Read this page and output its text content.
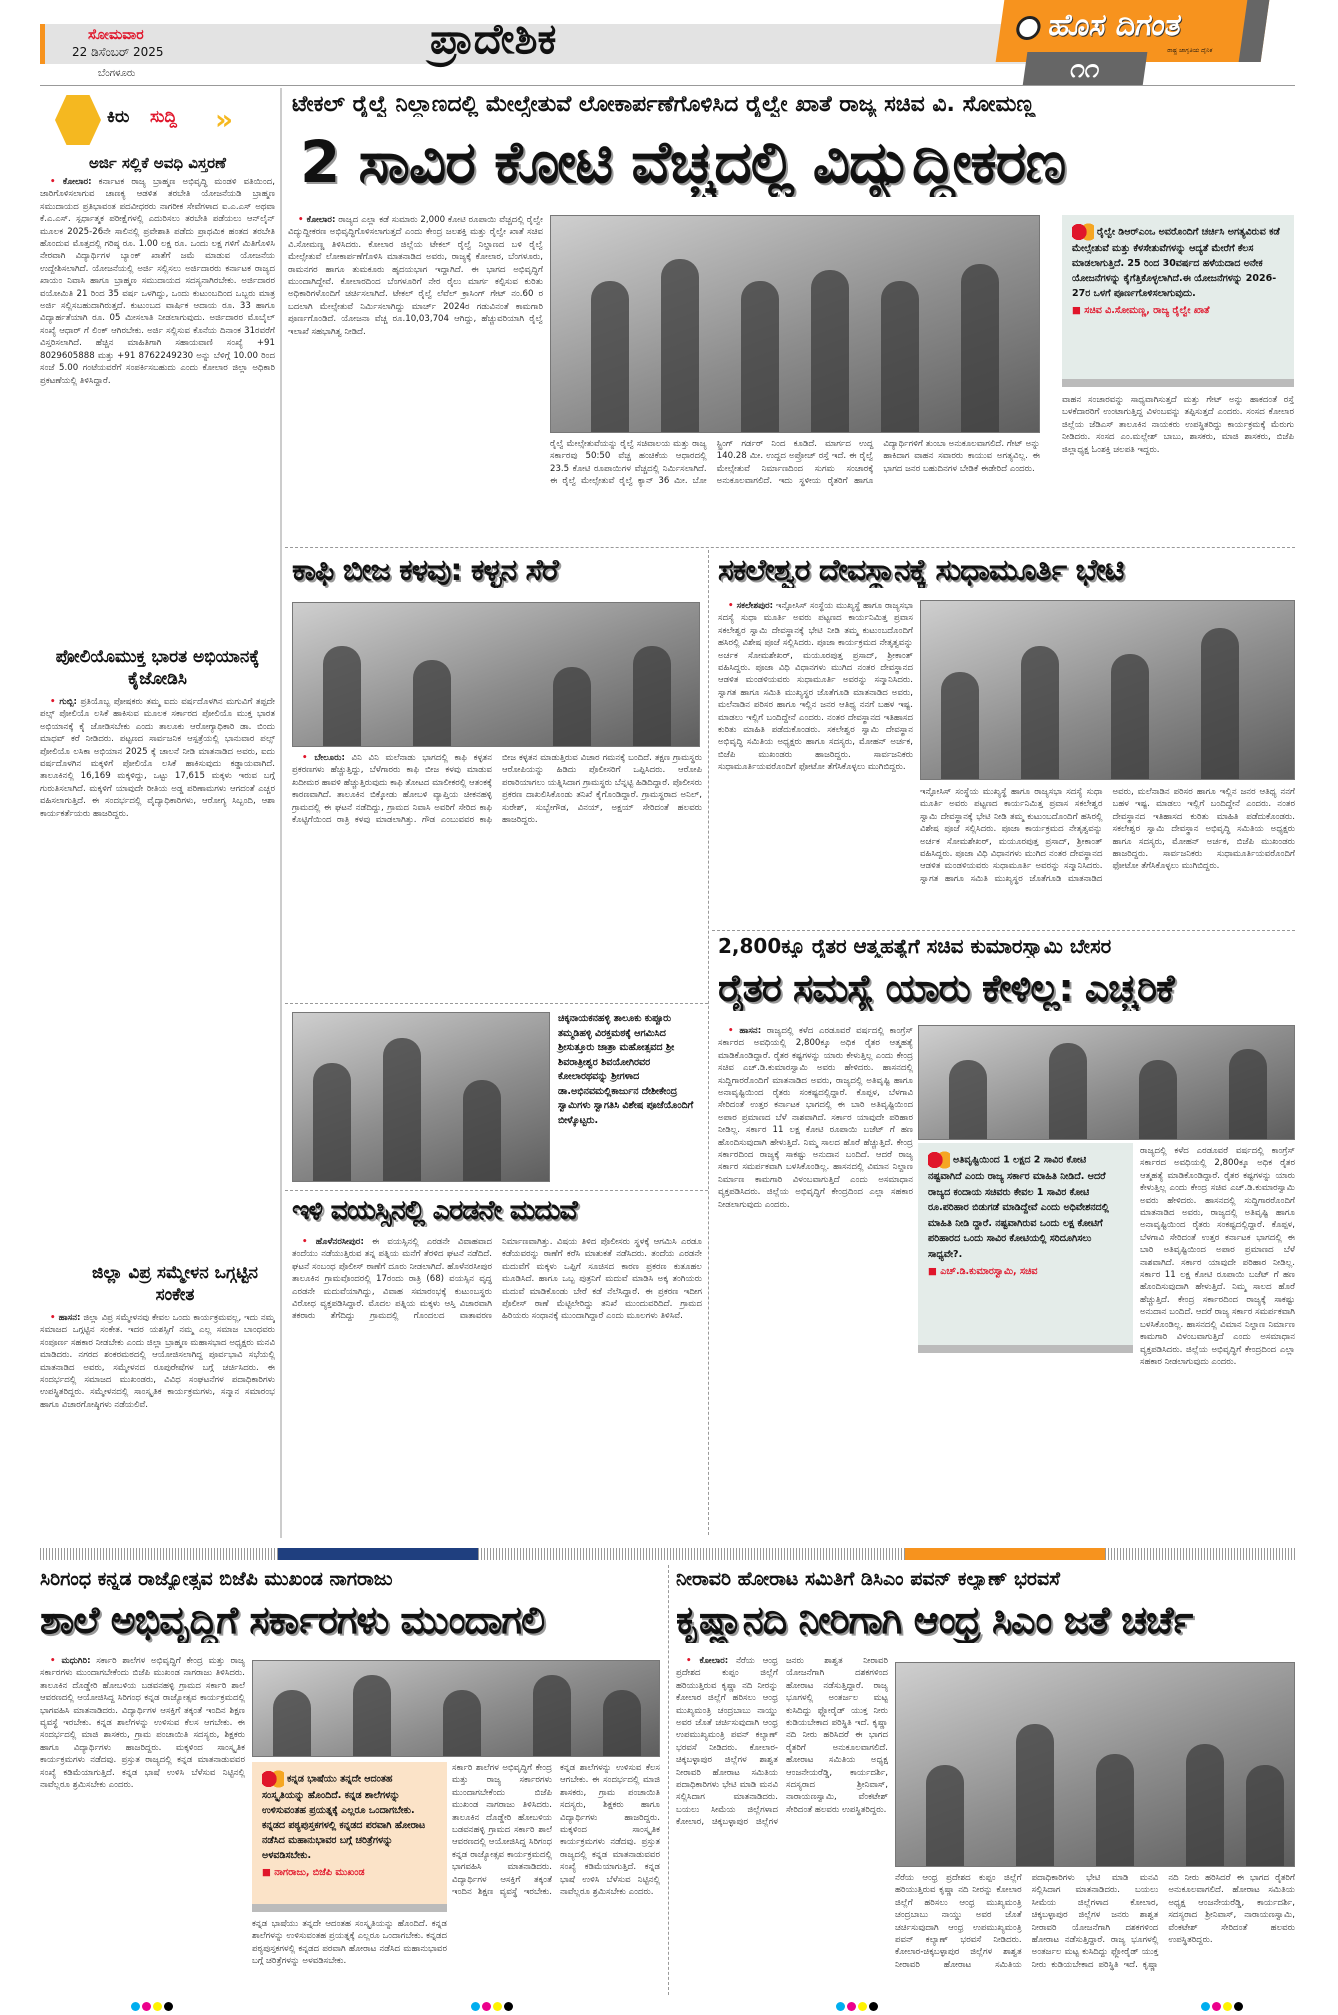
ಸೋಮವಾರ
22 ಡಿಸೆಂಬರ್ 2025
ಬೆಂಗಳೂರು
ಪ್ರಾದೇಶಿಕ	ಹೊಸ ದಿಗಂತ
ರಾಷ್ಟ್ರ ಜಾಗೃತಿಯ ದೈನಿಕ
೧೧
ಕಿರು ಸುದ್ದಿ »
ಅರ್ಜಿ ಸಲ್ಲಿಕೆ ಅವಧಿ ವಿಸ್ತರಣೆ

• ಕೋಲಾರ: ಕರ್ನಾಟಕ ರಾಜ್ಯ ಬ್ರಾಹ್ಮಣ ಅಭಿವೃದ್ಧಿ ಮಂಡಳಿ ವತಿಯಿಂದ, ಜಾರಿಗೊಳಿಸಲಾಗುವ ಚಾಣಕ್ಯ ಆಡಳಿತ ತರಬೇತಿ ಯೋಜನೆಯಡಿ ಬ್ರಾಹ್ಮಣ ಸಮುದಾಯದ ಪ್ರತಿಭಾವಂತ ಪದವೀಧರರು ನಾಗರೀಕ ಸೇವೆಗಳಾದ ಐ.ಎ.ಎಸ್ ಅಥವಾ ಕೆ.ಎ.ಎಸ್. ಸ್ಪರ್ಧಾತ್ಮಕ ಪರೀಕ್ಷೆಗಳಲ್ಲಿ ಎದುರಿಸಲು ತರಬೇತಿ ಪಡೆಯಲು ಆನ್‌ಲೈನ್ ಮೂಲಕ 2025-26ನೇ ಸಾಲಿನಲ್ಲಿ ಪ್ರವೇಶಾತಿ ಪಡೆದು ಪ್ರಾಥಮಿಕ ಹಂತದ ತರಬೇತಿ ಹೊಂದುವ ಮೊತ್ತದಲ್ಲಿ ಗರಿಷ್ಠ ರೂ. 1.00 ಲಕ್ಷ ರೂ. ಒಂದು ಲಕ್ಷ ಗಳಿಗೆ ಮಿತಿಗೊಳಿಸಿ ನೇರವಾಗಿ ವಿದ್ಯಾರ್ಥಿಗಳ ಬ್ಯಾಂಕ್ ಖಾತೆಗೆ ಜಮೆ ಮಾಡುವ ಯೋಜನೆಯ ಉದ್ದೇಶಿಸಲಾಗಿದೆ. ಯೋಜನೆಯಲ್ಲಿ ಅರ್ಜಿ ಸಲ್ಲಿಸಲು ಅರ್ಜಿದಾರರು ಕರ್ನಾಟಕ ರಾಜ್ಯದ ಖಾಯಂ ನಿವಾಸಿ ಹಾಗೂ ಬ್ರಾಹ್ಮಣ ಸಮುದಾಯದ ಸದಸ್ಯನಾಗಿರಬೇಕು. ಅರ್ಜಿದಾರರ ವಯೋಮಿತಿ 21 ರಿಂದ 35 ವರ್ಷ ಒಳಗಿದ್ದು, ಒಂದು ಕುಟುಂಬದಿಂದ ಒಬ್ಬರು ಮಾತ್ರ ಅರ್ಜಿ ಸಲ್ಲಿಸಬಹುದಾಗಿರುತ್ತದೆ. ಕುಟುಂಬದ ವಾರ್ಷಿಕ ಆದಾಯ ರೂ. 33 ಹಾಗೂ ವಿದ್ಯಾರ್ಹತೆಯಾಗಿ ರೂ. 05 ಮೀಸಲಾತಿ ನೀಡಲಾಗುವುದು. ಅರ್ಜಿದಾರರ ಮೊಬೈಲ್ ಸಂಖ್ಯೆ ಆಧಾರ್ ಗೆ ಲಿಂಕ್ ಆಗಿರಬೇಕು. ಅರ್ಜಿ ಸಲ್ಲಿಸುವ ಕೊನೆಯ ದಿನಾಂಕ 31ರವರೆಗೆ ವಿಸ್ತರಿಸಲಾಗಿದೆ. ಹೆಚ್ಚಿನ ಮಾಹಿತಿಗಾಗಿ ಸಹಾಯವಾಣಿ ಸಂಖ್ಯೆ +91 8029605888 ಮತ್ತು +91 8762249230 ಅನ್ನು ಬೆಳಿಗ್ಗೆ 10.00 ರಿಂದ ಸಂಜೆ 5.00 ಗಂಟೆಯವರೆಗೆ ಸಂಪರ್ಕಿಸಬಹುದು ಎಂದು ಕೋಲಾರ ಜಿಲ್ಲಾ ಅಧಿಕಾರಿ ಪ್ರಕಟಣೆಯಲ್ಲಿ ತಿಳಿಸಿದ್ದಾರೆ.

ಪೋಲಿಯೊಮುಕ್ತ ಭಾರತ ಅಭಿಯಾನಕ್ಕೆ ಕೈಜೋಡಿಸಿ

• ಗುಬ್ಬಿ: ಪ್ರತಿಯೊಬ್ಬ ಪೋಷಕರು ತಮ್ಮ ಐದು ವರ್ಷದೊಳಗಿನ ಮಗುವಿಗೆ ತಪ್ಪದೇ ಪಲ್ಸ್ ಪೋಲಿಯೊ ಲಸಿಕೆ ಹಾಕಿಸುವ ಮೂಲಕ ಸರ್ಕಾರದ ಪೋಲಿಯೊ ಮುಕ್ತ ಭಾರತ ಅಭಿಯಾನಕ್ಕೆ ಕೈ ಜೋಡಿಸಬೇಕು ಎಂದು ತಾಲೂಕು ಆರೋಗ್ಯಾಧಿಕಾರಿ ಡಾ. ಬಿಂದು ಮಾಧವ್ ಕರೆ ನೀಡಿದರು. ಪಟ್ಟಣದ ಸಾರ್ವಜನಿಕ ಆಸ್ಪತ್ರೆಯಲ್ಲಿ ಭಾನುವಾರ ಪಲ್ಸ್ ಪೋಲಿಯೊ ಲಸಿಕಾ ಅಭಿಯಾನ 2025 ಕ್ಕೆ ಚಾಲನೆ ನೀಡಿ ಮಾತನಾಡಿದ ಅವರು, ಐದು ವರ್ಷದೊಳಗಿನ ಮಕ್ಕಳಿಗೆ ಪೋಲಿಯೊ ಲಸಿಕೆ ಹಾಕಿಸುವುದು ಕಡ್ಡಾಯವಾಗಿದೆ. ತಾಲೂಕಿನಲ್ಲಿ 16,169 ಮಕ್ಕಳಿದ್ದು, ಒಟ್ಟು 17,615 ಮಕ್ಕಳು ಇರುವ ಬಗ್ಗೆ ಗುರುತಿಸಲಾಗಿದೆ. ಮಕ್ಕಳಿಗೆ ಯಾವುದೇ ರೀತಿಯ ಅಡ್ಡ ಪರಿಣಾಮಗಳು ಆಗದಂತೆ ಎಚ್ಚರ ವಹಿಸಲಾಗುತ್ತಿದೆ. ಈ ಸಂದರ್ಭದಲ್ಲಿ ವೈದ್ಯಾಧಿಕಾರಿಗಳು, ಆರೋಗ್ಯ ಸಿಬ್ಬಂದಿ, ಆಶಾ ಕಾರ್ಯಕರ್ತೆಯರು ಹಾಜರಿದ್ದರು.

ಜಿಲ್ಲಾ ವಿಪ್ರ ಸಮ್ಮೇಳನ ಒಗ್ಗಟ್ಟಿನ ಸಂಕೇತ

• ಹಾಸನ: ಜಿಲ್ಲಾ ವಿಪ್ರ ಸಮ್ಮೇಳನವು ಕೇವಲ ಒಂದು ಕಾರ್ಯಕ್ರಮವಲ್ಲ, ಇದು ನಮ್ಮ ಸಮಾಜದ ಒಗ್ಗಟ್ಟಿನ ಸಂಕೇತ. ಇದರ ಯಶಸ್ಸಿಗೆ ನಮ್ಮ ಎಲ್ಲ ಸಮಾಜ ಬಾಂಧವರು ಸಂಪೂರ್ಣ ಸಹಕಾರ ನೀಡಬೇಕು ಎಂದು ಜಿಲ್ಲಾ ಬ್ರಾಹ್ಮಣ ಮಹಾಸಭಾದ ಅಧ್ಯಕ್ಷರು ಮನವಿ ಮಾಡಿದರು. ನಗರದ ಶಂಕರಮಠದಲ್ಲಿ ಆಯೋಜಿಸಲಾಗಿದ್ದ ಪೂರ್ವಭಾವಿ ಸಭೆಯಲ್ಲಿ ಮಾತನಾಡಿದ ಅವರು, ಸಮ್ಮೇಳನದ ರೂಪುರೇಷೆಗಳ ಬಗ್ಗೆ ಚರ್ಚಿಸಿದರು. ಈ ಸಂದರ್ಭದಲ್ಲಿ ಸಮಾಜದ ಮುಖಂಡರು, ವಿವಿಧ ಸಂಘಟನೆಗಳ ಪದಾಧಿಕಾರಿಗಳು ಉಪಸ್ಥಿತರಿದ್ದರು. ಸಮ್ಮೇಳನದಲ್ಲಿ ಸಾಂಸ್ಕೃತಿಕ ಕಾರ್ಯಕ್ರಮಗಳು, ಸನ್ಮಾನ ಸಮಾರಂಭ ಹಾಗೂ ವಿಚಾರಗೋಷ್ಠಿಗಳು ನಡೆಯಲಿವೆ.

ಟೇಕಲ್ ರೈಲ್ವೆ ನಿಲ್ದಾಣದಲ್ಲಿ ಮೇಲ್ಸೇತುವೆ ಲೋಕಾರ್ಪಣೆಗೊಳಿಸಿದ ರೈಲ್ವೇ ಖಾತೆ ರಾಜ್ಯ ಸಚಿವ ವಿ. ಸೋಮಣ್ಣ
2 ಸಾವಿರ ಕೋಟಿ ವೆಚ್ಚದಲ್ಲಿ ವಿದ್ಯುದ್ದೀಕರಣ

• ಕೋಲಾರ: ರಾಜ್ಯದ ಎಲ್ಲಾ ಕಡೆ ಸುಮಾರು 2,000 ಕೋಟಿ ರೂಪಾಯಿ ವೆಚ್ಚದಲ್ಲಿ ರೈಲ್ವೇ ವಿದ್ಯುದ್ದೀಕರಣ ಅಭಿವೃದ್ಧಿಗೊಳಿಸಲಾಗುತ್ತದೆ ಎಂದು ಕೇಂದ್ರ ಜಲಶಕ್ತಿ ಮತ್ತು ರೈಲ್ವೇ ಖಾತೆ ಸಚಿವ ವಿ.ಸೋಮಣ್ಣ ತಿಳಿಸಿದರು. ಕೋಲಾರ ಜಿಲ್ಲೆಯ ಟೇಕಲ್ ರೈಲ್ವೆ ನಿಲ್ದಾಣದ ಬಳಿ ರೈಲ್ವೆ ಮೇಲ್ಸೇತುವೆ ಲೋಕಾರ್ಪಣೆಗೊಳಿಸಿ ಮಾತನಾಡಿದ ಅವರು, ರಾಜ್ಯಕ್ಕೆ ಕೋಲಾರ, ಬೆಂಗಳೂರು, ರಾಮನಗರ ಹಾಗೂ ತುಮಕೂರು ಹೃದಯಭಾಗ ಇದ್ದಾಗಿದೆ. ಈ ಭಾಗದ ಅಭಿವೃದ್ಧಿಗೆ ಮುಂದಾಗಿದ್ದೇವೆ. ಕೋಲಾರದಿಂದ ಬೆಂಗಳೂರಿಗೆ ನೇರ ರೈಲು ಮಾರ್ಗ ಕಲ್ಪಿಸುವ ಕುರಿತು ಅಧಿಕಾರಿಗಳೊಂದಿಗೆ ಚರ್ಚಿಸಲಾಗಿದೆ. ಟೇಕಲ್ ರೈಲ್ವೆ ಲೆವೆಲ್ ಕ್ರಾಸಿಂಗ್ ಗೇಟ್ ನಂ.60 ರ ಬದಲಾಗಿ ಮೇಲ್ಸೇತುವೆ ನಿರ್ಮಿಸಲಾಗಿದ್ದು ಮಾರ್ಚ್ 2024ರ ಗಡುವಿನಂತೆ ಕಾಮಗಾರಿ ಪೂರ್ಣಗೊಂಡಿದೆ. ಯೋಜನಾ ವೆಚ್ಚ ರೂ.10,03,704 ಆಗಿದ್ದು, ಹೆಚ್ಚುವರಿಯಾಗಿ ರೈಲ್ವೆ ಇಲಾಖೆ ಸಹಭಾಗಿತ್ವ ನೀಡಿದೆ.

ರೈಲ್ವೇ ಡಿಆರ್‌ಎಂಒ ಅವರೊಂದಿಗೆ ಚರ್ಚಿಸಿ ಅಗತ್ಯವಿರುವ ಕಡೆ ಮೇಲ್ಸೇತುವೆ ಮತ್ತು ಕೆಳಸೇತುವೆಗಳನ್ನು ಆದ್ಯತೆ ಮೇರೆಗೆ ಕೆಲಸ ಮಾಡಲಾಗುತ್ತಿದೆ. 25 ರಿಂದ 30ವರ್ಷದ ಹಳೆಯದಾದ ಅನೇಕ ಯೋಜನೆಗಳನ್ನು ಕೈಗೆತ್ತಿಕೊಳ್ಳಲಾಗಿದೆ.ಈ ಯೋಜನೆಗಳನ್ನು 2026-27ರ ಒಳಗೆ ಪೂರ್ಣಗೊಳಿಸಲಾಗುವುದು.
■ ಸಚಿವ ವಿ.ಸೋಮಣ್ಣ, ರಾಜ್ಯ ರೈಲ್ವೇ ಖಾತೆ
ರೈಲ್ವೆ ಮೇಲ್ಸೇತುವೆಯನ್ನು ರೈಲ್ವೆ ಸಚಿವಾಲಯ ಮತ್ತು ರಾಜ್ಯ ಸರ್ಕಾರವು 50:50 ವೆಚ್ಚ ಹಂಚಿಕೆಯ ಆಧಾರದಲ್ಲಿ 23.5 ಕೋಟಿ ರೂಪಾಯಿಗಳ ವೆಚ್ಚದಲ್ಲಿ ನಿರ್ಮಿಸಲಾಗಿದೆ. ಈ ರೈಲ್ವೆ ಮೇಲ್ಸೇತುವೆ ರೈಲ್ವೆ ಕ್ಯಾನ್ 36 ಮೀ. ಬೋ ಸ್ಟ್ರಿಂಗ್ ಗರ್ಡರ್ ನಿಂದ ಕೂಡಿದೆ. ಮಾರ್ಗದ ಉದ್ದ 140.28 ಮೀ. ಉದ್ದದ ಅಪ್ರೋಚ್ ರಸ್ತೆ ಇದೆ. ಈ ರೈಲ್ವೆ ಮೇಲ್ಸೇತುವೆ ನಿರ್ಮಾಣದಿಂದ ಸುಗಮ ಸಂಚಾರಕ್ಕೆ ಅನುಕೂಲವಾಗಲಿದೆ. ಇದು ಸ್ಥಳೀಯ ರೈತರಿಗೆ ಹಾಗೂ ವಿದ್ಯಾರ್ಥಿಗಳಿಗೆ ತುಂಬಾ ಅನುಕೂಲವಾಗಲಿದೆ. ಗೇಟ್ ಅನ್ನು ಹಾಕಿದಾಗ ವಾಹನ ಸವಾರರು ಕಾಯುವ ಅಗತ್ಯವಿಲ್ಲ. ಈ ಭಾಗದ ಜನರ ಬಹುದಿನಗಳ ಬೇಡಿಕೆ ಈಡೇರಿದೆ ಎಂದರು.
ವಾಹನ ಸಂಚಾರವನ್ನು ಸಾಧ್ಯವಾಗಿಸುತ್ತದೆ ಮತ್ತು ಗೇಟ್ ಅನ್ನು ಹಾಕದಂತೆ ರಸ್ತೆ ಬಳಕೆದಾರರಿಗೆ ಉಂಟಾಗುತ್ತಿದ್ದ ವಿಳಂಬವನ್ನು ತಪ್ಪಿಸುತ್ತದೆ ಎಂದರು. ಸಂಸದ ಕೋಲಾರ ಜಿಲ್ಲೆಯ ಜೆಡಿಎಸ್ ತಾಲೂಕಿನ ನಾಯಕರು ಉಪಸ್ಥಿತರಿದ್ದು ಕಾರ್ಯಕ್ರಮಕ್ಕೆ ಮೆರುಗು ನೀಡಿದರು. ಸಂಸದ ಎಂ.ಮಲ್ಲೇಶ್ ಬಾಬು, ಶಾಸಕರು, ಮಾಜಿ ಶಾಸಕರು, ಬಿಜೆಪಿ ಜಿಲ್ಲಾಧ್ಯಕ್ಷ ಓಂಶಕ್ತಿ ಚಲಪತಿ ಇದ್ದರು.
ಕಾಫಿ ಬೀಜ ಕಳವು: ಕಳ್ಳನ ಸೆರೆ

• ಬೇಲೂರು: ವಿನಿ ವಿನಿ ಮಲೆನಾಡು ಭಾಗದಲ್ಲಿ ಕಾಫಿ ಕಳ್ಳತನ ಪ್ರಕರಣಗಳು ಹೆಚ್ಚುತ್ತಿದ್ದು, ಬೆಳೆಗಾರರು ಕಾಫಿ ಬೀಜ ಕಳವು ಮಾಡುವ ಖದೀಮರ ಹಾವಳಿ ಹೆಚ್ಚುತ್ತಿರುವುದು ಕಾಫಿ ತೋಟದ ಮಾಲೀಕರಲ್ಲಿ ಆತಂಕಕ್ಕೆ ಕಾರಣವಾಗಿದೆ. ತಾಲೂಕಿನ ಬಿಕ್ಕೋಡು ಹೋಬಳಿ ವ್ಯಾಪ್ತಿಯ ಚೀಕನಹಳ್ಳಿ ಗ್ರಾಮದಲ್ಲಿ ಈ ಘಟನೆ ನಡೆದಿದ್ದು, ಗ್ರಾಮದ ನಿವಾಸಿ ಅವರಿಗೆ ಸೇರಿದ ಕಾಫಿ ಕೊಟ್ಟಿಗೆಯಿಂದ ರಾತ್ರಿ ಕಳವು ಮಾಡಲಾಗಿತ್ತು. ಗೌಡ ಎಂಬುವವರ ಕಾಫಿ ಬೀಜ ಕಳ್ಳತನ ಮಾಡುತ್ತಿರುವ ವಿಚಾರ ಗಮನಕ್ಕೆ ಬಂದಿದೆ. ತಕ್ಷಣ ಗ್ರಾಮಸ್ಥರು ಆರೋಪಿಯನ್ನು ಹಿಡಿದು ಪೊಲೀಸರಿಗೆ ಒಪ್ಪಿಸಿದರು. ಆರೋಪಿ ಪರಾರಿಯಾಗಲು ಯತ್ನಿಸಿದಾಗ ಗ್ರಾಮಸ್ಥರು ಬೆನ್ನಟ್ಟಿ ಹಿಡಿದಿದ್ದಾರೆ. ಪೊಲೀಸರು ಪ್ರಕರಣ ದಾಖಲಿಸಿಕೊಂಡು ತನಿಖೆ ಕೈಗೊಂಡಿದ್ದಾರೆ. ಗ್ರಾಮಸ್ಥರಾದ ಅನಿಲ್, ಸುರೇಶ್, ಸುಬ್ಬೇಗೌಡ, ವಿನಯ್, ಅಕ್ಷಯ್ ಸೇರಿದಂತೆ ಹಲವರು ಹಾಜರಿದ್ದರು.

ಚಿಕ್ಕನಾಯಕನಹಳ್ಳಿ ತಾಲೂಕು ಕುಪ್ಪೂರು ತಮ್ಮಡಿಹಳ್ಳಿ ವಿರಕ್ತಮಠಕ್ಕೆ ಆಗಮಿಸಿದ ಶ್ರೀಸುತ್ತೂರು ಜಾತ್ರಾ ಮಹೋತ್ಸವದ ಶ್ರೀ ಶಿವರಾತ್ರೀಶ್ವರ ಶಿವಯೋಗಿರವರ ಕೋಲಾರಥವನ್ನು ಶ್ರೀಗಳಾದ ಡಾ.ಅಭಿನವಮಲ್ಲಿಕಾರ್ಜುನ ದೇಶೀಕೇಂದ್ರ ಸ್ವಾಮಿಗಳು ಸ್ವಾಗತಿಸಿ ವಿಶೇಷ ಪೂಜೆಯೊಂದಿಗೆ ಬೀಳ್ಕೊಟ್ಟರು.
ಇಳಿ ವಯಸ್ಸಿನಲ್ಲಿ ಎರಡನೇ ಮದುವೆ

• ಹೊಳೆನರಸೀಪುರ: ಈ ವಯಸ್ಸಿನಲ್ಲಿ ಎರಡನೇ ವಿವಾಹವಾದ ತಂದೆಯು ನಡೆಯುತ್ತಿರುವ ತನ್ನ ಪತ್ನಿಯ ಮನೆಗೆ ತೆರಳಿದ ಘಟನೆ ನಡೆದಿದೆ. ಘಟನೆ ಸಂಬಂಧ ಪೊಲೀಸ್ ಠಾಣೆಗೆ ದೂರು ನೀಡಲಾಗಿದೆ. ಹೊಳೆನರಸೀಪುರ ತಾಲೂಕಿನ ಗ್ರಾಮವೊಂದರಲ್ಲಿ 17ರಂದು ರಾತ್ರಿ (68) ವಯಸ್ಸಿನ ವೃದ್ಧ ಎರಡನೇ ಮದುವೆಯಾಗಿದ್ದು, ವಿವಾಹ ಸಮಾರಂಭಕ್ಕೆ ಕುಟುಂಬಸ್ಥರು ವಿರೋಧ ವ್ಯಕ್ತಪಡಿಸಿದ್ದಾರೆ. ಮೊದಲ ಪತ್ನಿಯ ಮಕ್ಕಳು ಆಸ್ತಿ ವಿಚಾರವಾಗಿ ತಕರಾರು ತೆಗೆದಿದ್ದು ಗ್ರಾಮದಲ್ಲಿ ಗೊಂದಲದ ವಾತಾವರಣ ನಿರ್ಮಾಣವಾಗಿತ್ತು. ವಿಷಯ ತಿಳಿದ ಪೊಲೀಸರು ಸ್ಥಳಕ್ಕೆ ಆಗಮಿಸಿ ಎರಡೂ ಕಡೆಯವರನ್ನು ಠಾಣೆಗೆ ಕರೆಸಿ ಮಾತುಕತೆ ನಡೆಸಿದರು. ತಂದೆಯ ಎರಡನೇ ಮದುವೆಗೆ ಮಕ್ಕಳು ಒಪ್ಪಿಗೆ ಸೂಚಿಸದ ಕಾರಣ ಪ್ರಕರಣ ಕುತೂಹಲ ಮೂಡಿಸಿದೆ. ಹಾಗೂ ಒಬ್ಬ ಪುತ್ರನಿಗೆ ಮದುವೆ ಮಾಡಿಸಿ ಅಕ್ಕ ತಂಗಿಯರು ಮದುವೆ ಮಾಡಿಕೊಂಡು ಬೇರೆ ಕಡೆ ನೆಲೆಸಿದ್ದಾರೆ. ಈ ಪ್ರಕರಣ ಇದೀಗ ಪೊಲೀಸ್ ಠಾಣೆ ಮೆಟ್ಟಿಲೇರಿದ್ದು ತನಿಖೆ ಮುಂದುವರಿದಿದೆ. ಗ್ರಾಮದ ಹಿರಿಯರು ಸಂಧಾನಕ್ಕೆ ಮುಂದಾಗಿದ್ದಾರೆ ಎಂದು ಮೂಲಗಳು ತಿಳಿಸಿವೆ.

ಸಕಲೇಶ್ವರ ದೇವಸ್ಥಾನಕ್ಕೆ ಸುಧಾಮೂರ್ತಿ ಭೇಟಿ

• ಸಕಲೇಶಪುರ: ಇನ್ಫೋಸಿಸ್ ಸಂಸ್ಥೆಯ ಮುಖ್ಯಸ್ಥೆ ಹಾಗೂ ರಾಜ್ಯಸಭಾ ಸದಸ್ಯೆ ಸುಧಾ ಮೂರ್ತಿ ಅವರು ಪಟ್ಟಣದ ಕಾರ್ಯನಿಮಿತ್ತ ಪ್ರವಾಸ ಸಕಲೇಶ್ವರ ಸ್ವಾಮಿ ದೇವಸ್ಥಾನಕ್ಕೆ ಭೇಟಿ ನೀಡಿ ತಮ್ಮ ಕುಟುಂಬದೊಂದಿಗೆ ಹಸಿರಲ್ಲಿ ವಿಶೇಷ ಪೂಜೆ ಸಲ್ಲಿಸಿದರು. ಪೂಜಾ ಕಾರ್ಯಕ್ರಮದ ನೇತೃತ್ವವನ್ನು ಅರ್ಚಕ ಸೋಮಶೇಖರ್, ಮಯೂರಪುತ್ತ ಪ್ರಸಾದ್, ಶ್ರೀಕಾಂತ್ ವಹಿಸಿದ್ದರು. ಪೂಜಾ ವಿಧಿ ವಿಧಾನಗಳು ಮುಗಿದ ನಂತರ ದೇವಸ್ಥಾನದ ಆಡಳಿತ ಮಂಡಳಿಯವರು ಸುಧಾಮೂರ್ತಿ ಅವರನ್ನು ಸನ್ಮಾನಿಸಿದರು. ಸ್ವಾಗತ ಹಾಗೂ ಸಮಿತಿ ಮುಖ್ಯಸ್ಥರ ಜೊತೆಗೂಡಿ ಮಾತನಾಡಿದ ಅವರು, ಮಲೆನಾಡಿನ ಪರಿಸರ ಹಾಗೂ ಇಲ್ಲಿನ ಜನರ ಆತಿಥ್ಯ ನನಗೆ ಬಹಳ ಇಷ್ಟ. ಮಾಡಲು ಇಲ್ಲಿಗೆ ಬಂದಿದ್ದೇನೆ ಎಂದರು. ನಂತರ ದೇವಸ್ಥಾನದ ಇತಿಹಾಸದ ಕುರಿತು ಮಾಹಿತಿ ಪಡೆದುಕೊಂಡರು. ಸಕಲೇಶ್ವರ ಸ್ವಾಮಿ ದೇವಸ್ಥಾನ ಅಭಿವೃದ್ಧಿ ಸಮಿತಿಯ ಅಧ್ಯಕ್ಷರು ಹಾಗೂ ಸದಸ್ಯರು, ಮೋಹನ್ ಅರ್ಚಕ, ಬಿಜೆಪಿ ಮುಖಂಡರು ಹಾಜರಿದ್ದರು. ಸಾರ್ವಜನಿಕರು ಸುಧಾಮೂರ್ತಿಯವರೊಂದಿಗೆ ಫೋಟೋ ತೆಗೆಸಿಕೊಳ್ಳಲು ಮುಗಿಬಿದ್ದರು.

ಇನ್ಫೋಸಿಸ್ ಸಂಸ್ಥೆಯ ಮುಖ್ಯಸ್ಥೆ ಹಾಗೂ ರಾಜ್ಯಸಭಾ ಸದಸ್ಯೆ ಸುಧಾ ಮೂರ್ತಿ ಅವರು ಪಟ್ಟಣದ ಕಾರ್ಯನಿಮಿತ್ತ ಪ್ರವಾಸ ಸಕಲೇಶ್ವರ ಸ್ವಾಮಿ ದೇವಸ್ಥಾನಕ್ಕೆ ಭೇಟಿ ನೀಡಿ ತಮ್ಮ ಕುಟುಂಬದೊಂದಿಗೆ ಹಸಿರಲ್ಲಿ ವಿಶೇಷ ಪೂಜೆ ಸಲ್ಲಿಸಿದರು. ಪೂಜಾ ಕಾರ್ಯಕ್ರಮದ ನೇತೃತ್ವವನ್ನು ಅರ್ಚಕ ಸೋಮಶೇಖರ್, ಮಯೂರಪುತ್ತ ಪ್ರಸಾದ್, ಶ್ರೀಕಾಂತ್ ವಹಿಸಿದ್ದರು. ಪೂಜಾ ವಿಧಿ ವಿಧಾನಗಳು ಮುಗಿದ ನಂತರ ದೇವಸ್ಥಾನದ ಆಡಳಿತ ಮಂಡಳಿಯವರು ಸುಧಾಮೂರ್ತಿ ಅವರನ್ನು ಸನ್ಮಾನಿಸಿದರು. ಸ್ವಾಗತ ಹಾಗೂ ಸಮಿತಿ ಮುಖ್ಯಸ್ಥರ ಜೊತೆಗೂಡಿ ಮಾತನಾಡಿದ ಅವರು, ಮಲೆನಾಡಿನ ಪರಿಸರ ಹಾಗೂ ಇಲ್ಲಿನ ಜನರ ಆತಿಥ್ಯ ನನಗೆ ಬಹಳ ಇಷ್ಟ. ಮಾಡಲು ಇಲ್ಲಿಗೆ ಬಂದಿದ್ದೇನೆ ಎಂದರು. ನಂತರ ದೇವಸ್ಥಾನದ ಇತಿಹಾಸದ ಕುರಿತು ಮಾಹಿತಿ ಪಡೆದುಕೊಂಡರು. ಸಕಲೇಶ್ವರ ಸ್ವಾಮಿ ದೇವಸ್ಥಾನ ಅಭಿವೃದ್ಧಿ ಸಮಿತಿಯ ಅಧ್ಯಕ್ಷರು ಹಾಗೂ ಸದಸ್ಯರು, ಮೋಹನ್ ಅರ್ಚಕ, ಬಿಜೆಪಿ ಮುಖಂಡರು ಹಾಜರಿದ್ದರು. ಸಾರ್ವಜನಿಕರು ಸುಧಾಮೂರ್ತಿಯವರೊಂದಿಗೆ ಫೋಟೋ ತೆಗೆಸಿಕೊಳ್ಳಲು ಮುಗಿಬಿದ್ದರು.
2,800ಕ್ಕೂ ರೈತರ ಆತ್ಮಹತ್ಯೆಗೆ ಸಚಿವ ಕುಮಾರಸ್ವಾಮಿ ಬೇಸರ
ರೈತರ ಸಮಸ್ಯೆ ಯಾರು ಕೇಳಿಲ್ಲ: ಎಚ್ಚರಿಕೆ

• ಹಾಸನ: ರಾಜ್ಯದಲ್ಲಿ ಕಳೆದ ಎರಡೂವರೆ ವರ್ಷದಲ್ಲಿ ಕಾಂಗ್ರೆಸ್ ಸರ್ಕಾರದ ಅವಧಿಯಲ್ಲಿ 2,800ಕ್ಕೂ ಅಧಿಕ ರೈತರ ಆತ್ಮಹತ್ಯೆ ಮಾಡಿಕೊಂಡಿದ್ದಾರೆ. ರೈತರ ಕಷ್ಟಗಳನ್ನು ಯಾರು ಕೇಳುತ್ತಿಲ್ಲ ಎಂದು ಕೇಂದ್ರ ಸಚಿವ ಎಚ್.ಡಿ.ಕುಮಾರಸ್ವಾಮಿ ಅವರು ಹೇಳಿದರು. ಹಾಸನದಲ್ಲಿ ಸುದ್ದಿಗಾರರೊಂದಿಗೆ ಮಾತನಾಡಿದ ಅವರು, ರಾಜ್ಯದಲ್ಲಿ ಅತಿವೃಷ್ಟಿ ಹಾಗೂ ಅನಾವೃಷ್ಟಿಯಿಂದ ರೈತರು ಸಂಕಷ್ಟದಲ್ಲಿದ್ದಾರೆ. ಕೊಪ್ಪಳ, ಬೆಳಗಾವಿ ಸೇರಿದಂತೆ ಉತ್ತರ ಕರ್ನಾಟಕ ಭಾಗದಲ್ಲಿ ಈ ಬಾರಿ ಅತಿವೃಷ್ಟಿಯಿಂದ ಅಪಾರ ಪ್ರಮಾಣದ ಬೆಳೆ ನಾಶವಾಗಿದೆ. ಸರ್ಕಾರ ಯಾವುದೇ ಪರಿಹಾರ ನೀಡಿಲ್ಲ. ಸರ್ಕಾರ 11 ಲಕ್ಷ ಕೋಟಿ ರೂಪಾಯಿ ಬಜೆಟ್ ಗೆ ಹಣ ಹೊಂದಿಸುವುದಾಗಿ ಹೇಳುತ್ತಿದೆ. ನಿಮ್ಮ ಸಾಲದ ಹೊರೆ ಹೆಚ್ಚುತ್ತಿದೆ. ಕೇಂದ್ರ ಸರ್ಕಾರದಿಂದ ರಾಜ್ಯಕ್ಕೆ ಸಾಕಷ್ಟು ಅನುದಾನ ಬಂದಿದೆ. ಆದರೆ ರಾಜ್ಯ ಸರ್ಕಾರ ಸಮರ್ಪಕವಾಗಿ ಬಳಸಿಕೊಂಡಿಲ್ಲ. ಹಾಸನದಲ್ಲಿ ವಿಮಾನ ನಿಲ್ದಾಣ ನಿರ್ಮಾಣ ಕಾಮಗಾರಿ ವಿಳಂಬವಾಗುತ್ತಿದೆ ಎಂದು ಅಸಮಾಧಾನ ವ್ಯಕ್ತಪಡಿಸಿದರು. ಜಿಲ್ಲೆಯ ಅಭಿವೃದ್ಧಿಗೆ ಕೇಂದ್ರದಿಂದ ಎಲ್ಲಾ ಸಹಕಾರ ನೀಡಲಾಗುವುದು ಎಂದರು.

ಅತಿವೃಷ್ಟಿಯಿಂದ 1 ಲಕ್ಷದ 2 ಸಾವಿರ ಕೋಟಿ ನಷ್ಟವಾಗಿದೆ ಎಂದು ರಾಜ್ಯ ಸರ್ಕಾರ ಮಾಹಿತಿ ನೀಡಿದೆ. ಆದರೆ ರಾಜ್ಯದ ಕಂದಾಯ ಸಚಿವರು ಕೇವಲ 1 ಸಾವಿರ ಕೋಟಿ ರೂ.ಪರಿಹಾರ ಬಿಡುಗಡೆ ಮಾಡಿದ್ದೇವೆ ಎಂದು ಅಧಿವೇಶನದಲ್ಲಿ ಮಾಹಿತಿ ನೀಡಿ ದ್ದಾರೆ. ನಷ್ಟವಾಗಿರುವ ಒಂದು ಲಕ್ಷ ಕೋಟಿಗೆ ಪರಿಹಾರದ ಒಂದು ಸಾವಿರ ಕೋಟಿಯಲ್ಲಿ ಸರಿದೂಗಿಸಲು ಸಾಧ್ಯವೇ?.
■ ಎಚ್.ಡಿ.ಕುಮಾರಸ್ವಾಮಿ, ಸಚಿವ
ರಾಜ್ಯದಲ್ಲಿ ಕಳೆದ ಎರಡೂವರೆ ವರ್ಷದಲ್ಲಿ ಕಾಂಗ್ರೆಸ್ ಸರ್ಕಾರದ ಅವಧಿಯಲ್ಲಿ 2,800ಕ್ಕೂ ಅಧಿಕ ರೈತರ ಆತ್ಮಹತ್ಯೆ ಮಾಡಿಕೊಂಡಿದ್ದಾರೆ. ರೈತರ ಕಷ್ಟಗಳನ್ನು ಯಾರು ಕೇಳುತ್ತಿಲ್ಲ ಎಂದು ಕೇಂದ್ರ ಸಚಿವ ಎಚ್.ಡಿ.ಕುಮಾರಸ್ವಾಮಿ ಅವರು ಹೇಳಿದರು. ಹಾಸನದಲ್ಲಿ ಸುದ್ದಿಗಾರರೊಂದಿಗೆ ಮಾತನಾಡಿದ ಅವರು, ರಾಜ್ಯದಲ್ಲಿ ಅತಿವೃಷ್ಟಿ ಹಾಗೂ ಅನಾವೃಷ್ಟಿಯಿಂದ ರೈತರು ಸಂಕಷ್ಟದಲ್ಲಿದ್ದಾರೆ. ಕೊಪ್ಪಳ, ಬೆಳಗಾವಿ ಸೇರಿದಂತೆ ಉತ್ತರ ಕರ್ನಾಟಕ ಭಾಗದಲ್ಲಿ ಈ ಬಾರಿ ಅತಿವೃಷ್ಟಿಯಿಂದ ಅಪಾರ ಪ್ರಮಾಣದ ಬೆಳೆ ನಾಶವಾಗಿದೆ. ಸರ್ಕಾರ ಯಾವುದೇ ಪರಿಹಾರ ನೀಡಿಲ್ಲ. ಸರ್ಕಾರ 11 ಲಕ್ಷ ಕೋಟಿ ರೂಪಾಯಿ ಬಜೆಟ್ ಗೆ ಹಣ ಹೊಂದಿಸುವುದಾಗಿ ಹೇಳುತ್ತಿದೆ. ನಿಮ್ಮ ಸಾಲದ ಹೊರೆ ಹೆಚ್ಚುತ್ತಿದೆ. ಕೇಂದ್ರ ಸರ್ಕಾರದಿಂದ ರಾಜ್ಯಕ್ಕೆ ಸಾಕಷ್ಟು ಅನುದಾನ ಬಂದಿದೆ. ಆದರೆ ರಾಜ್ಯ ಸರ್ಕಾರ ಸಮರ್ಪಕವಾಗಿ ಬಳಸಿಕೊಂಡಿಲ್ಲ. ಹಾಸನದಲ್ಲಿ ವಿಮಾನ ನಿಲ್ದಾಣ ನಿರ್ಮಾಣ ಕಾಮಗಾರಿ ವಿಳಂಬವಾಗುತ್ತಿದೆ ಎಂದು ಅಸಮಾಧಾನ ವ್ಯಕ್ತಪಡಿಸಿದರು. ಜಿಲ್ಲೆಯ ಅಭಿವೃದ್ಧಿಗೆ ಕೇಂದ್ರದಿಂದ ಎಲ್ಲಾ ಸಹಕಾರ ನೀಡಲಾಗುವುದು ಎಂದರು.
ಸಿರಿಗಂಧ ಕನ್ನಡ ರಾಜ್ಯೋತ್ಸವ ಬಿಜೆಪಿ ಮುಖಂಡ ನಾಗರಾಜು
ಶಾಲೆ ಅಭಿವೃದ್ಧಿಗೆ ಸರ್ಕಾರಗಳು ಮುಂದಾಗಲಿ

• ಮಧುಗಿರಿ: ಸರ್ಕಾರಿ ಶಾಲೆಗಳ ಅಭಿವೃದ್ಧಿಗೆ ಕೇಂದ್ರ ಮತ್ತು ರಾಜ್ಯ ಸರ್ಕಾರಗಳು ಮುಂದಾಗಬೇಕೆಂದು ಬಿಜೆಪಿ ಮುಖಂಡ ನಾಗರಾಜು ತಿಳಿಸಿದರು. ತಾಲೂಕಿನ ದೊಡ್ಡೇರಿ ಹೋಬಳಿಯ ಬಡವನಹಳ್ಳಿ ಗ್ರಾಮದ ಸರ್ಕಾರಿ ಶಾಲೆ ಆವರಣದಲ್ಲಿ ಆಯೋಜಿಸಿದ್ದ ಸಿರಿಗಂಧ ಕನ್ನಡ ರಾಜ್ಯೋತ್ಸವ ಕಾರ್ಯಕ್ರಮದಲ್ಲಿ ಭಾಗವಹಿಸಿ ಮಾತನಾಡಿದರು. ವಿದ್ಯಾರ್ಥಿಗಳ ಆಸಕ್ತಿಗೆ ತಕ್ಕಂತೆ ಇಂದಿನ ಶಿಕ್ಷಣ ವ್ಯವಸ್ಥೆ ಇರಬೇಕು. ಕನ್ನಡ ಶಾಲೆಗಳನ್ನು ಉಳಿಸುವ ಕೆಲಸ ಆಗಬೇಕು. ಈ ಸಂದರ್ಭದಲ್ಲಿ ಮಾಜಿ ಶಾಸಕರು, ಗ್ರಾಮ ಪಂಚಾಯಿತಿ ಸದಸ್ಯರು, ಶಿಕ್ಷಕರು ಹಾಗೂ ವಿದ್ಯಾರ್ಥಿಗಳು ಹಾಜರಿದ್ದರು. ಮಕ್ಕಳಿಂದ ಸಾಂಸ್ಕೃತಿಕ ಕಾರ್ಯಕ್ರಮಗಳು ನಡೆದವು. ಪ್ರಸ್ತುತ ರಾಜ್ಯದಲ್ಲಿ ಕನ್ನಡ ಮಾತನಾಡುವವರ ಸಂಖ್ಯೆ ಕಡಿಮೆಯಾಗುತ್ತಿದೆ. ಕನ್ನಡ ಭಾಷೆ ಉಳಿಸಿ ಬೆಳೆಸುವ ನಿಟ್ಟಿನಲ್ಲಿ ನಾವೆಲ್ಲರೂ ಶ್ರಮಿಸಬೇಕು ಎಂದರು.

ಕನ್ನಡ ಭಾಷೆಯು ತನ್ನದೇ ಆದಂತಹ ಸಂಸ್ಕೃತಿಯನ್ನು ಹೊಂದಿದೆ. ಕನ್ನಡ ಶಾಲೆಗಳನ್ನು ಉಳಿಸುವಂತಹ ಪ್ರಯತ್ನಕ್ಕೆ ಎಲ್ಲರೂ ಒಂದಾಗಬೇಕು. ಕನ್ನಡದ ಪಠ್ಯಪುಸ್ತಕಗಳಲ್ಲಿ ಕನ್ನಡದ ಪರವಾಗಿ ಹೋರಾಟ ನಡೆಸಿದ ಮಹಾನುಭಾವರ ಬಗ್ಗೆ ಚರಿತ್ರೆಗಳನ್ನು ಅಳವಡಿಸಬೇಕು.
■ ನಾಗರಾಜು, ಬಿಜೆಪಿ ಮುಖಂಡ
ಸರ್ಕಾರಿ ಶಾಲೆಗಳ ಅಭಿವೃದ್ಧಿಗೆ ಕೇಂದ್ರ ಮತ್ತು ರಾಜ್ಯ ಸರ್ಕಾರಗಳು ಮುಂದಾಗಬೇಕೆಂದು ಬಿಜೆಪಿ ಮುಖಂಡ ನಾಗರಾಜು ತಿಳಿಸಿದರು. ತಾಲೂಕಿನ ದೊಡ್ಡೇರಿ ಹೋಬಳಿಯ ಬಡವನಹಳ್ಳಿ ಗ್ರಾಮದ ಸರ್ಕಾರಿ ಶಾಲೆ ಆವರಣದಲ್ಲಿ ಆಯೋಜಿಸಿದ್ದ ಸಿರಿಗಂಧ ಕನ್ನಡ ರಾಜ್ಯೋತ್ಸವ ಕಾರ್ಯಕ್ರಮದಲ್ಲಿ ಭಾಗವಹಿಸಿ ಮಾತನಾಡಿದರು. ವಿದ್ಯಾರ್ಥಿಗಳ ಆಸಕ್ತಿಗೆ ತಕ್ಕಂತೆ ಇಂದಿನ ಶಿಕ್ಷಣ ವ್ಯವಸ್ಥೆ ಇರಬೇಕು. ಕನ್ನಡ ಶಾಲೆಗಳನ್ನು ಉಳಿಸುವ ಕೆಲಸ ಆಗಬೇಕು. ಈ ಸಂದರ್ಭದಲ್ಲಿ ಮಾಜಿ ಶಾಸಕರು, ಗ್ರಾಮ ಪಂಚಾಯಿತಿ ಸದಸ್ಯರು, ಶಿಕ್ಷಕರು ಹಾಗೂ ವಿದ್ಯಾರ್ಥಿಗಳು ಹಾಜರಿದ್ದರು. ಮಕ್ಕಳಿಂದ ಸಾಂಸ್ಕೃತಿಕ ಕಾರ್ಯಕ್ರಮಗಳು ನಡೆದವು. ಪ್ರಸ್ತುತ ರಾಜ್ಯದಲ್ಲಿ ಕನ್ನಡ ಮಾತನಾಡುವವರ ಸಂಖ್ಯೆ ಕಡಿಮೆಯಾಗುತ್ತಿದೆ. ಕನ್ನಡ ಭಾಷೆ ಉಳಿಸಿ ಬೆಳೆಸುವ ನಿಟ್ಟಿನಲ್ಲಿ ನಾವೆಲ್ಲರೂ ಶ್ರಮಿಸಬೇಕು ಎಂದರು.
ಕನ್ನಡ ಭಾಷೆಯು ತನ್ನದೇ ಆದಂತಹ ಸಂಸ್ಕೃತಿಯನ್ನು ಹೊಂದಿದೆ. ಕನ್ನಡ ಶಾಲೆಗಳನ್ನು ಉಳಿಸುವಂತಹ ಪ್ರಯತ್ನಕ್ಕೆ ಎಲ್ಲರೂ ಒಂದಾಗಬೇಕು. ಕನ್ನಡದ ಪಠ್ಯಪುಸ್ತಕಗಳಲ್ಲಿ ಕನ್ನಡದ ಪರವಾಗಿ ಹೋರಾಟ ನಡೆಸಿದ ಮಹಾನುಭಾವರ ಬಗ್ಗೆ ಚರಿತ್ರೆಗಳನ್ನು ಅಳವಡಿಸಬೇಕು.
ನೀರಾವರಿ ಹೋರಾಟ ಸಮಿತಿಗೆ ಡಿಸಿಎಂ ಪವನ್ ಕಲ್ಯಾಣ್ ಭರವಸೆ
ಕೃಷ್ಣಾನದಿ ನೀರಿಗಾಗಿ ಆಂಧ್ರ ಸಿಎಂ ಜತೆ ಚರ್ಚೆ

• ಕೋಲಾರ: ನೆರೆಯ ಆಂಧ್ರ ಪ್ರದೇಶದ ಕುಪ್ಪಂ ಜಿಲ್ಲೆಗೆ ಹರಿಯುತ್ತಿರುವ ಕೃಷ್ಣಾ ನದಿ ನೀರನ್ನು ಕೋಲಾರ ಜಿಲ್ಲೆಗೆ ಹರಿಸಲು ಆಂಧ್ರ ಮುಖ್ಯಮಂತ್ರಿ ಚಂದ್ರಬಾಬು ನಾಯ್ಡು ಅವರ ಜೊತೆ ಚರ್ಚಿಸುವುದಾಗಿ ಆಂಧ್ರ ಉಪಮುಖ್ಯಮಂತ್ರಿ ಪವನ್ ಕಲ್ಯಾಣ್ ಭರವಸೆ ನೀಡಿದರು. ಕೋಲಾರ-ಚಿಕ್ಕಬಳ್ಳಾಪುರ ಜಿಲ್ಲೆಗಳ ಶಾಶ್ವತ ನೀರಾವರಿ ಹೋರಾಟ ಸಮಿತಿಯ ಪದಾಧಿಕಾರಿಗಳು ಭೇಟಿ ಮಾಡಿ ಮನವಿ ಸಲ್ಲಿಸಿದಾಗ ಮಾತನಾಡಿದರು. ಬಯಲು ಸೀಮೆಯ ಜಿಲ್ಲೆಗಳಾದ ಕೋಲಾರ, ಚಿಕ್ಕಬಳ್ಳಾಪುರ ಜಿಲ್ಲೆಗಳ ಜನರು ಶಾಶ್ವತ ನೀರಾವರಿ ಯೋಜನೆಗಾಗಿ ದಶಕಗಳಿಂದ ಹೋರಾಟ ನಡೆಸುತ್ತಿದ್ದಾರೆ. ರಾಜ್ಯ ಭೂಗಳಲ್ಲಿ ಅಂತರ್ಜಲ ಮಟ್ಟ ಕುಸಿದಿದ್ದು ಫ್ಲೋರೈಡ್ ಯುಕ್ತ ನೀರು ಕುಡಿಯಬೇಕಾದ ಪರಿಸ್ಥಿತಿ ಇದೆ. ಕೃಷ್ಣಾ ನದಿ ನೀರು ಹರಿಸಿದರೆ ಈ ಭಾಗದ ರೈತರಿಗೆ ಅನುಕೂಲವಾಗಲಿದೆ. ಹೋರಾಟ ಸಮಿತಿಯ ಅಧ್ಯಕ್ಷ ಆಂಜನೇಯರೆಡ್ಡಿ, ಕಾರ್ಯದರ್ಶಿ, ಸದಸ್ಯರಾದ ಶ್ರೀನಿವಾಸ್, ನಾರಾಯಣಸ್ವಾಮಿ, ವೆಂಕಟೇಶ್ ಸೇರಿದಂತೆ ಹಲವರು ಉಪಸ್ಥಿತರಿದ್ದರು.

ನೆರೆಯ ಆಂಧ್ರ ಪ್ರದೇಶದ ಕುಪ್ಪಂ ಜಿಲ್ಲೆಗೆ ಹರಿಯುತ್ತಿರುವ ಕೃಷ್ಣಾ ನದಿ ನೀರನ್ನು ಕೋಲಾರ ಜಿಲ್ಲೆಗೆ ಹರಿಸಲು ಆಂಧ್ರ ಮುಖ್ಯಮಂತ್ರಿ ಚಂದ್ರಬಾಬು ನಾಯ್ಡು ಅವರ ಜೊತೆ ಚರ್ಚಿಸುವುದಾಗಿ ಆಂಧ್ರ ಉಪಮುಖ್ಯಮಂತ್ರಿ ಪವನ್ ಕಲ್ಯಾಣ್ ಭರವಸೆ ನೀಡಿದರು. ಕೋಲಾರ-ಚಿಕ್ಕಬಳ್ಳಾಪುರ ಜಿಲ್ಲೆಗಳ ಶಾಶ್ವತ ನೀರಾವರಿ ಹೋರಾಟ ಸಮಿತಿಯ ಪದಾಧಿಕಾರಿಗಳು ಭೇಟಿ ಮಾಡಿ ಮನವಿ ಸಲ್ಲಿಸಿದಾಗ ಮಾತನಾಡಿದರು. ಬಯಲು ಸೀಮೆಯ ಜಿಲ್ಲೆಗಳಾದ ಕೋಲಾರ, ಚಿಕ್ಕಬಳ್ಳಾಪುರ ಜಿಲ್ಲೆಗಳ ಜನರು ಶಾಶ್ವತ ನೀರಾವರಿ ಯೋಜನೆಗಾಗಿ ದಶಕಗಳಿಂದ ಹೋರಾಟ ನಡೆಸುತ್ತಿದ್ದಾರೆ. ರಾಜ್ಯ ಭೂಗಳಲ್ಲಿ ಅಂತರ್ಜಲ ಮಟ್ಟ ಕುಸಿದಿದ್ದು ಫ್ಲೋರೈಡ್ ಯುಕ್ತ ನೀರು ಕುಡಿಯಬೇಕಾದ ಪರಿಸ್ಥಿತಿ ಇದೆ. ಕೃಷ್ಣಾ ನದಿ ನೀರು ಹರಿಸಿದರೆ ಈ ಭಾಗದ ರೈತರಿಗೆ ಅನುಕೂಲವಾಗಲಿದೆ. ಹೋರಾಟ ಸಮಿತಿಯ ಅಧ್ಯಕ್ಷ ಆಂಜನೇಯರೆಡ್ಡಿ, ಕಾರ್ಯದರ್ಶಿ, ಸದಸ್ಯರಾದ ಶ್ರೀನಿವಾಸ್, ನಾರಾಯಣಸ್ವಾಮಿ, ವೆಂಕಟೇಶ್ ಸೇರಿದಂತೆ ಹಲವರು ಉಪಸ್ಥಿತರಿದ್ದರು.
